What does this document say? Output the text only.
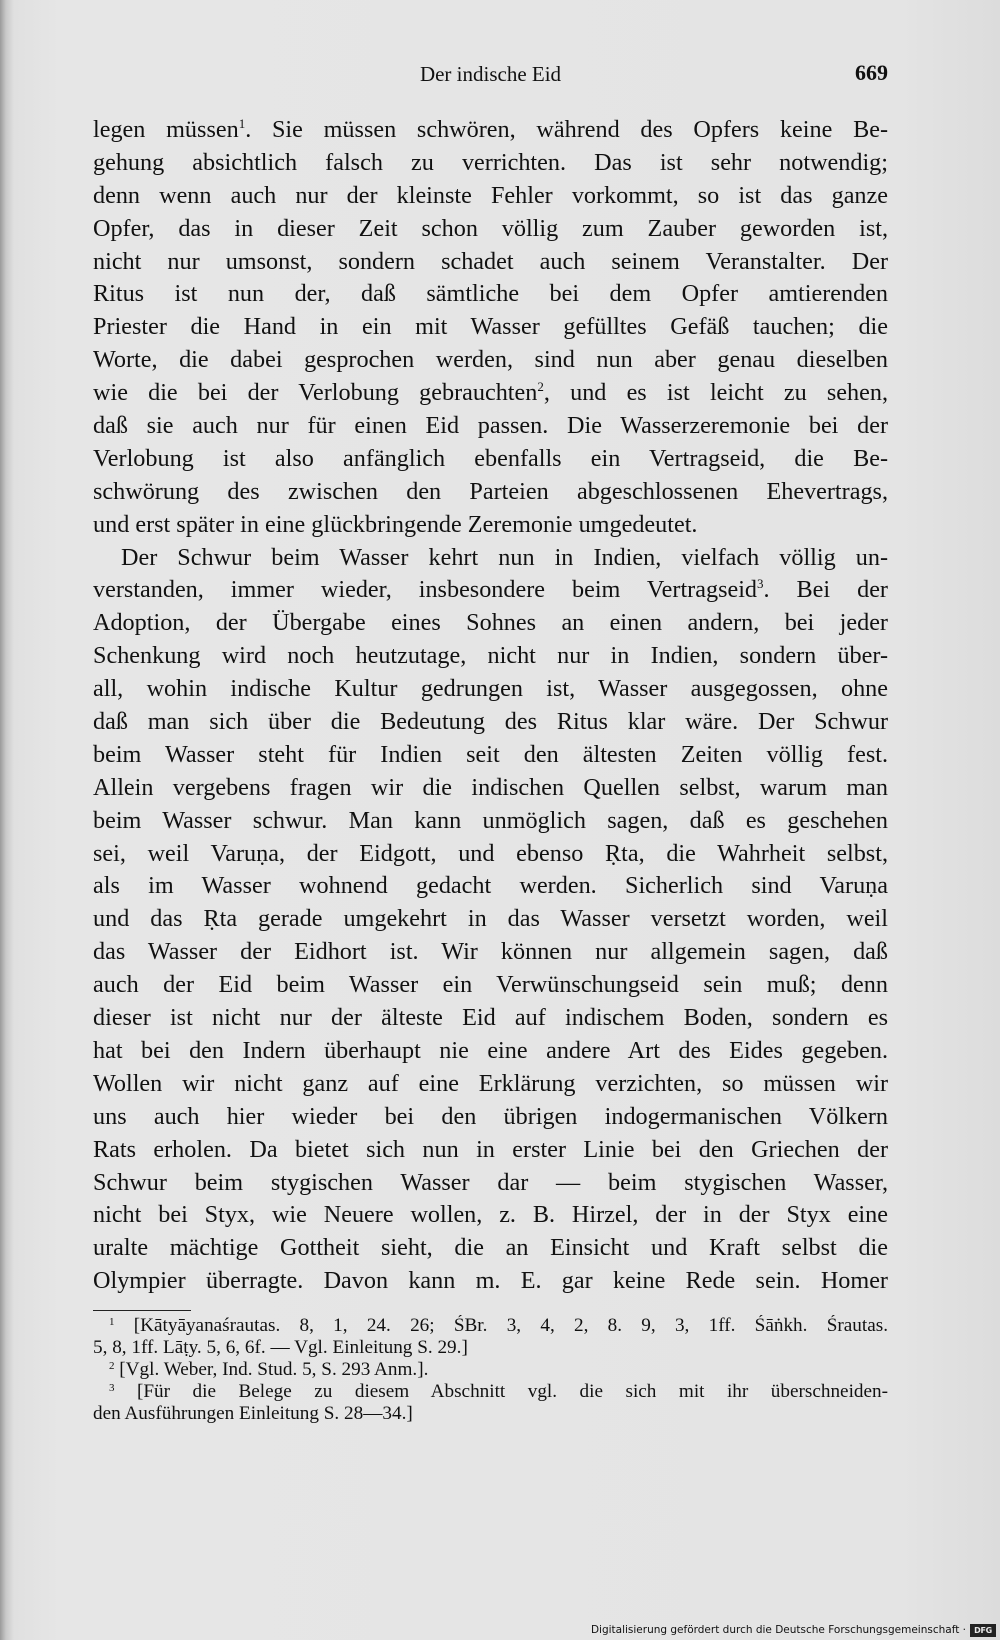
Der indische Eid	669
legen müssen$^1$. Sie müssen schwören, während des Opfers keine Be-
gehung absichtlich falsch zu verrichten. Das ist sehr notwendig;
denn wenn auch nur der kleinste Fehler vorkommt, so ist das ganze
Opfer, das in dieser Zeit schon völlig zum Zauber geworden ist,
nicht nur umsonst, sondern schadet auch seinem Veranstalter. Der
Ritus ist nun der, daß sämtliche bei dem Opfer amtierenden
Priester die Hand in ein mit Wasser gefülltes Gefäß tauchen; die
Worte, die dabei gesprochen werden, sind nun aber genau dieselben
wie die bei der Verlobung gebrauchten$^2$, und es ist leicht zu sehen,
daß sie auch nur für einen Eid passen. Die Wasserzeremonie bei der
Verlobung ist also anfänglich ebenfalls ein Vertragseid, die Be-
schwörung des zwischen den Parteien abgeschlossenen Ehevertrags,
und erst später in eine glückbringende Zeremonie umgedeutet.
Der Schwur beim Wasser kehrt nun in Indien, vielfach völlig un-
verstanden, immer wieder, insbesondere beim Vertragseid$^3$. Bei der
Adoption, der Übergabe eines Sohnes an einen andern, bei jeder
Schenkung wird noch heutzutage, nicht nur in Indien, sondern über-
all, wohin indische Kultur gedrungen ist, Wasser ausgegossen, ohne
daß man sich über die Bedeutung des Ritus klar wäre. Der Schwur
beim Wasser steht für Indien seit den ältesten Zeiten völlig fest.
Allein vergebens fragen wir die indischen Quellen selbst, warum man
beim Wasser schwur. Man kann unmöglich sagen, daß es geschehen
sei, weil Varuṇa, der Eidgott, und ebenso Ṛta, die Wahrheit selbst,
als im Wasser wohnend gedacht werden. Sicherlich sind Varuṇa
und das Ṛta gerade umgekehrt in das Wasser versetzt worden, weil
das Wasser der Eidhort ist. Wir können nur allgemein sagen, daß
auch der Eid beim Wasser ein Verwünschungseid sein muß; denn
dieser ist nicht nur der älteste Eid auf indischem Boden, sondern es
hat bei den Indern überhaupt nie eine andere Art des Eides gegeben.
Wollen wir nicht ganz auf eine Erklärung verzichten, so müssen wir
uns auch hier wieder bei den übrigen indogermanischen Völkern
Rats erholen. Da bietet sich nun in erster Linie bei den Griechen der
Schwur beim stygischen Wasser dar — beim stygischen Wasser,
nicht bei Styx, wie Neuere wollen, z. B. Hirzel, der in der Styx eine
uralte mächtige Gottheit sieht, die an Einsicht und Kraft selbst die
Olympier überragte. Davon kann m. E. gar keine Rede sein. Homer
$^1$ [Kātyāyanaśrautas. 8, 1, 24. 26; ŚBr. 3, 4, 2, 8. 9, 3, 1ff. Śāṅkh. Śrautas.
5, 8, 1ff. Lāṭy. 5, 6, 6f. — Vgl. Einleitung S. 29.]
$^2$ [Vgl. Weber, Ind. Stud. 5, S. 293 Anm.].
$^3$ [Für die Belege zu diesem Abschnitt vgl. die sich mit ihr überschneiden-
den Ausführungen Einleitung S. 28—34.]
Digitalisierung gefördert durch die Deutsche Forschungsgemeinschaft ·	DFG
